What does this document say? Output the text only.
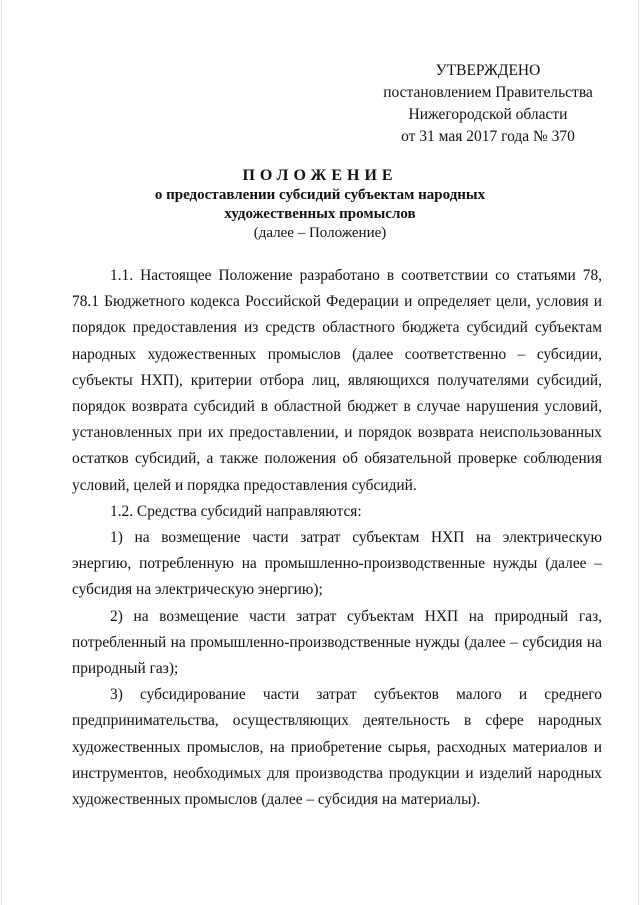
УТВЕРЖДЕНО
постановлением Правительства
Нижегородской области
от 31 мая 2017 года № 370
ПОЛОЖЕНИЕ
о предоставлении субсидий субъектам народных
художественных промыслов
(далее – Положение)

1.1. Настоящее Положение разработано в соответствии со статьями 78, 78.1 Бюджетного кодекса Российской Федерации и определяет цели, условия и порядок предоставления из средств областного бюджета субсидий субъектам народных художественных промыслов (далее соответственно – субсидии, субъекты НХП), критерии отбора лиц, являющихся получателями субсидий, порядок возврата субсидий в областной бюджет в случае нарушения условий, установленных при их предоставлении, и порядок возврата неиспользованных остатков субсидий, а также положения об обязательной проверке соблюдения условий, целей и порядка предоставления субсидий.

1.2. Средства субсидий направляются:

1) на возмещение части затрат субъектам НХП на электрическую энергию, потребленную на промышленно-производственные нужды (далее – субсидия на электрическую энергию);

2) на возмещение части затрат субъектам НХП на природный газ, потребленный на промышленно-производственные нужды (далее – субсидия на природный газ);

3) субсидирование части затрат субъектов малого и среднего предпринимательства, осуществляющих деятельность в сфере народных художественных промыслов, на приобретение сырья, расходных материалов и инструментов, необходимых для производства продукции и изделий народных художественных промыслов (далее – субсидия на материалы).
